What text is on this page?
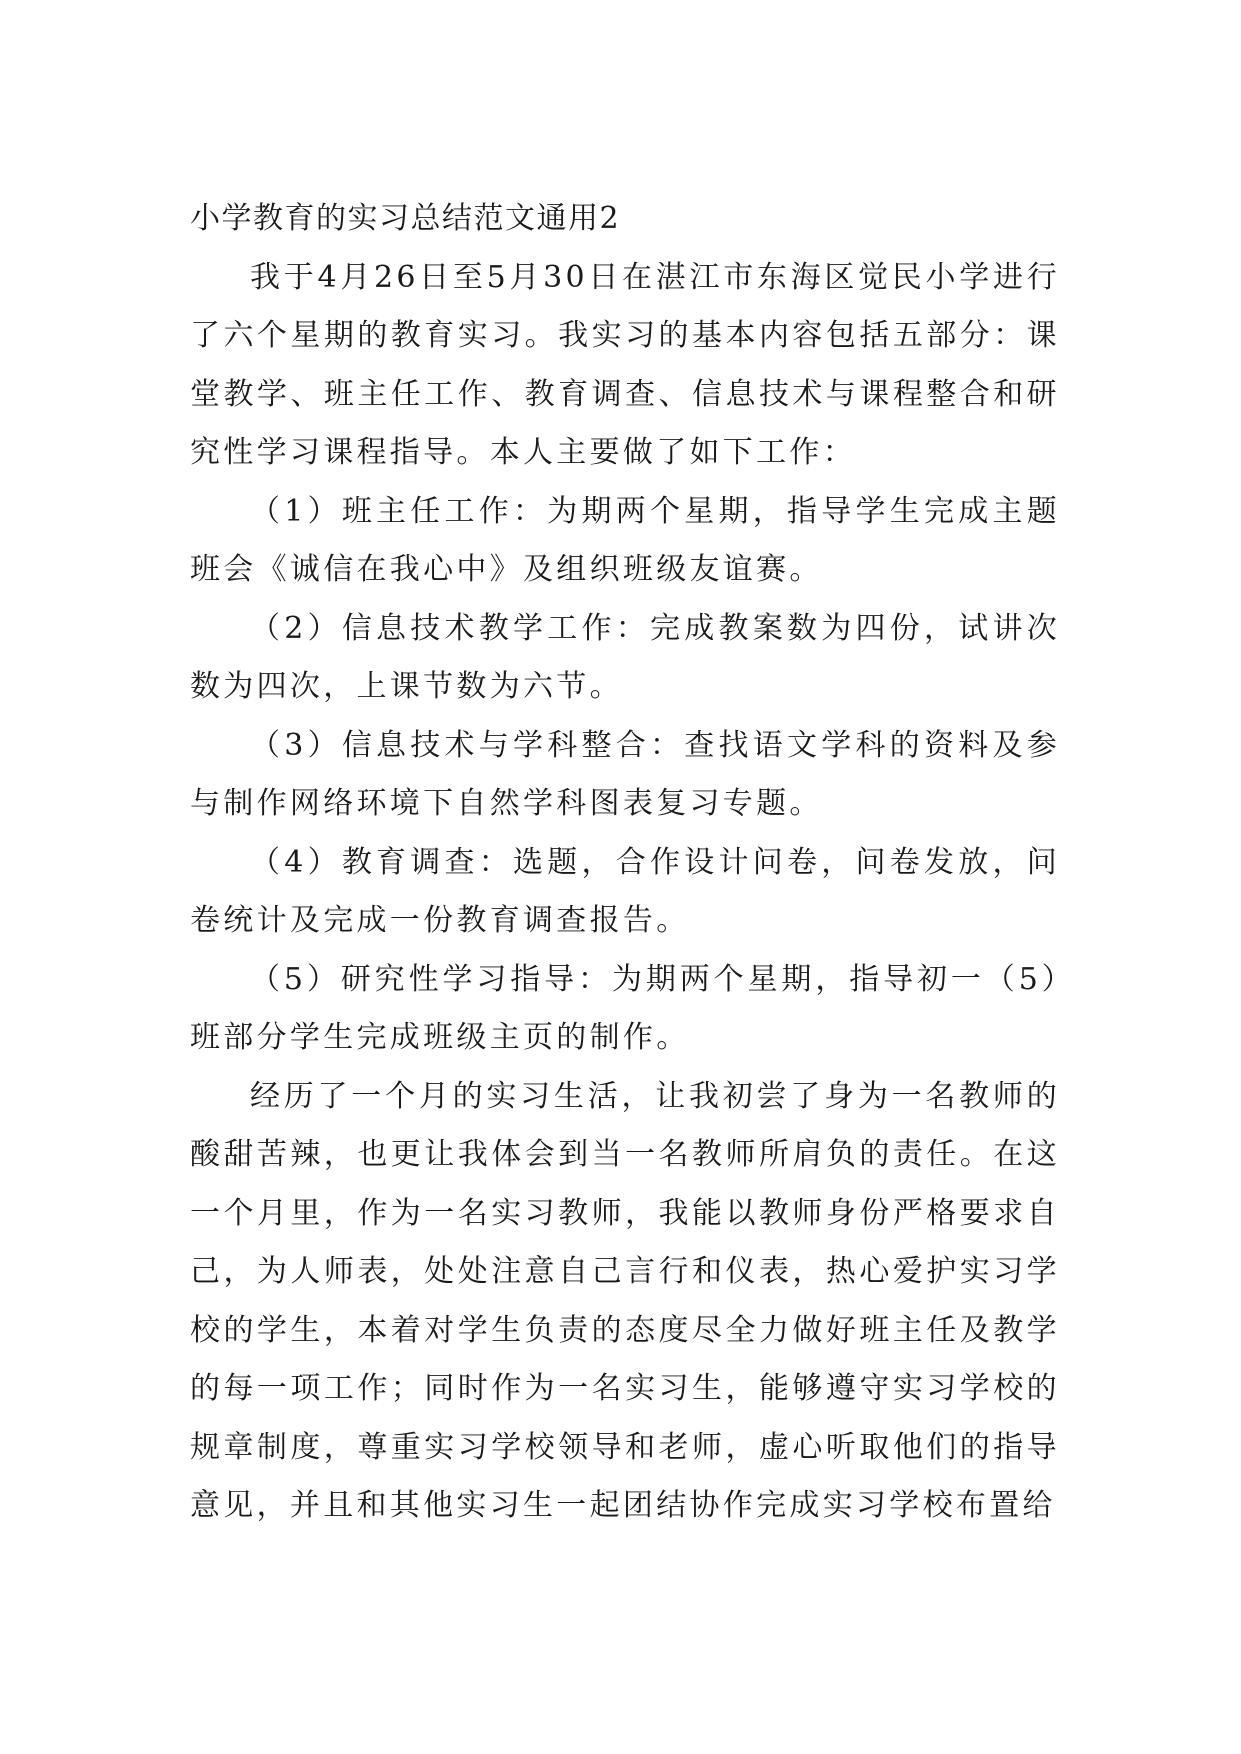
小学教育的实习总结范文通用2

我于4月26日至5月30日在湛江市东海区觉民小学进行了六个星期的教育实习。我实习的基本内容包括五部分：课堂教学、班主任工作、教育调查、信息技术与课程整合和研究性学习课程指导。本人主要做了如下工作：

（1）班主任工作：为期两个星期，指导学生完成主题班会《诚信在我心中》及组织班级友谊赛。

（2）信息技术教学工作：完成教案数为四份，试讲次数为四次，上课节数为六节。

（3）信息技术与学科整合：查找语文学科的资料及参与制作网络环境下自然学科图表复习专题。

（4）教育调查：选题，合作设计问卷，问卷发放，问卷统计及完成一份教育调查报告。

（5）研究性学习指导：为期两个星期，指导初一（5）班部分学生完成班级主页的制作。

经历了一个月的实习生活，让我初尝了身为一名教师的酸甜苦辣，也更让我体会到当一名教师所肩负的责任。在这一个月里，作为一名实习教师，我能以教师身份严格要求自己，为人师表，处处注意自己言行和仪表，热心爱护实习学校的学生，本着对学生负责的态度尽全力做好班主任及教学的每一项工作；同时作为一名实习生，能够遵守实习学校的规章制度，尊重实习学校领导和老师，虚心听取他们的指导意见，并且和其他实习生一起团结协作完成实习学校布置给
